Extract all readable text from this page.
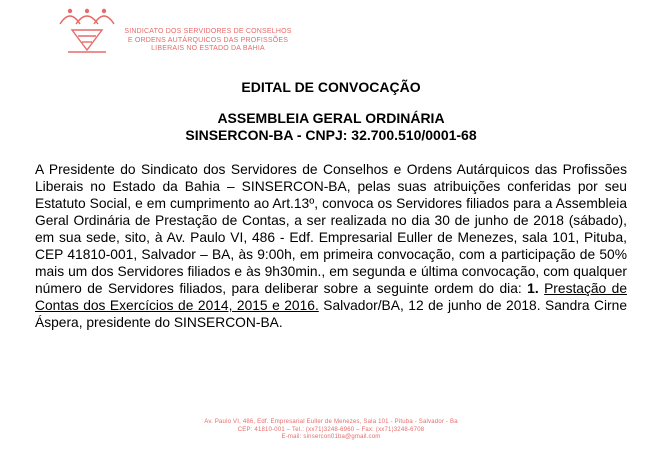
SINDICATO DOS SERVIDORES DE CONSELHOS
E ORDENS AUTÁRQUICOS DAS PROFISSÕES
LIBERAIS NO ESTADO DA BAHIA
EDITAL DE CONVOCAÇÃO
ASSEMBLEIA GERAL ORDINÁRIA
SINSERCON-BA - CNPJ: 32.700.510/0001-68
A Presidente do Sindicato dos Servidores de Conselhos e Ordens Autárquicos das Profissões Liberais no Estado da Bahia – SINSERCON-BA, pelas suas atribuições conferidas por seu Estatuto Social, e em cumprimento ao Art.13º, convoca os Servidores filiados para a Assembleia Geral Ordinária de Prestação de Contas, a ser realizada no dia 30 de junho de 2018 (sábado), em sua sede, sito, à Av. Paulo VI, 486 - Edf. Empresarial Euller de Menezes, sala 101, Pituba, CEP 41810-001, Salvador – BA, às 9:00h, em primeira convocação, com a participação de 50% mais um dos Servidores filiados e às 9h30min., em segunda e última convocação, com qualquer número de Servidores filiados, para deliberar sobre a seguinte ordem do dia: 1. Prestação de Contas dos Exercícios de 2014, 2015 e 2016. Salvador/BA, 12 de junho de 2018. Sandra Cirne Áspera, presidente do SINSERCON-BA.
Av. Paulo VI, 486, Edf. Empresarial Euller de Menezes, Sala 101 - Pituba - Salvador - Ba
CEP: 41810-001 – Tel.: (xx71)3248-6960 – Fax: (xx71)3248-6708
E-mail: sinsercon01ba@gmail.com
